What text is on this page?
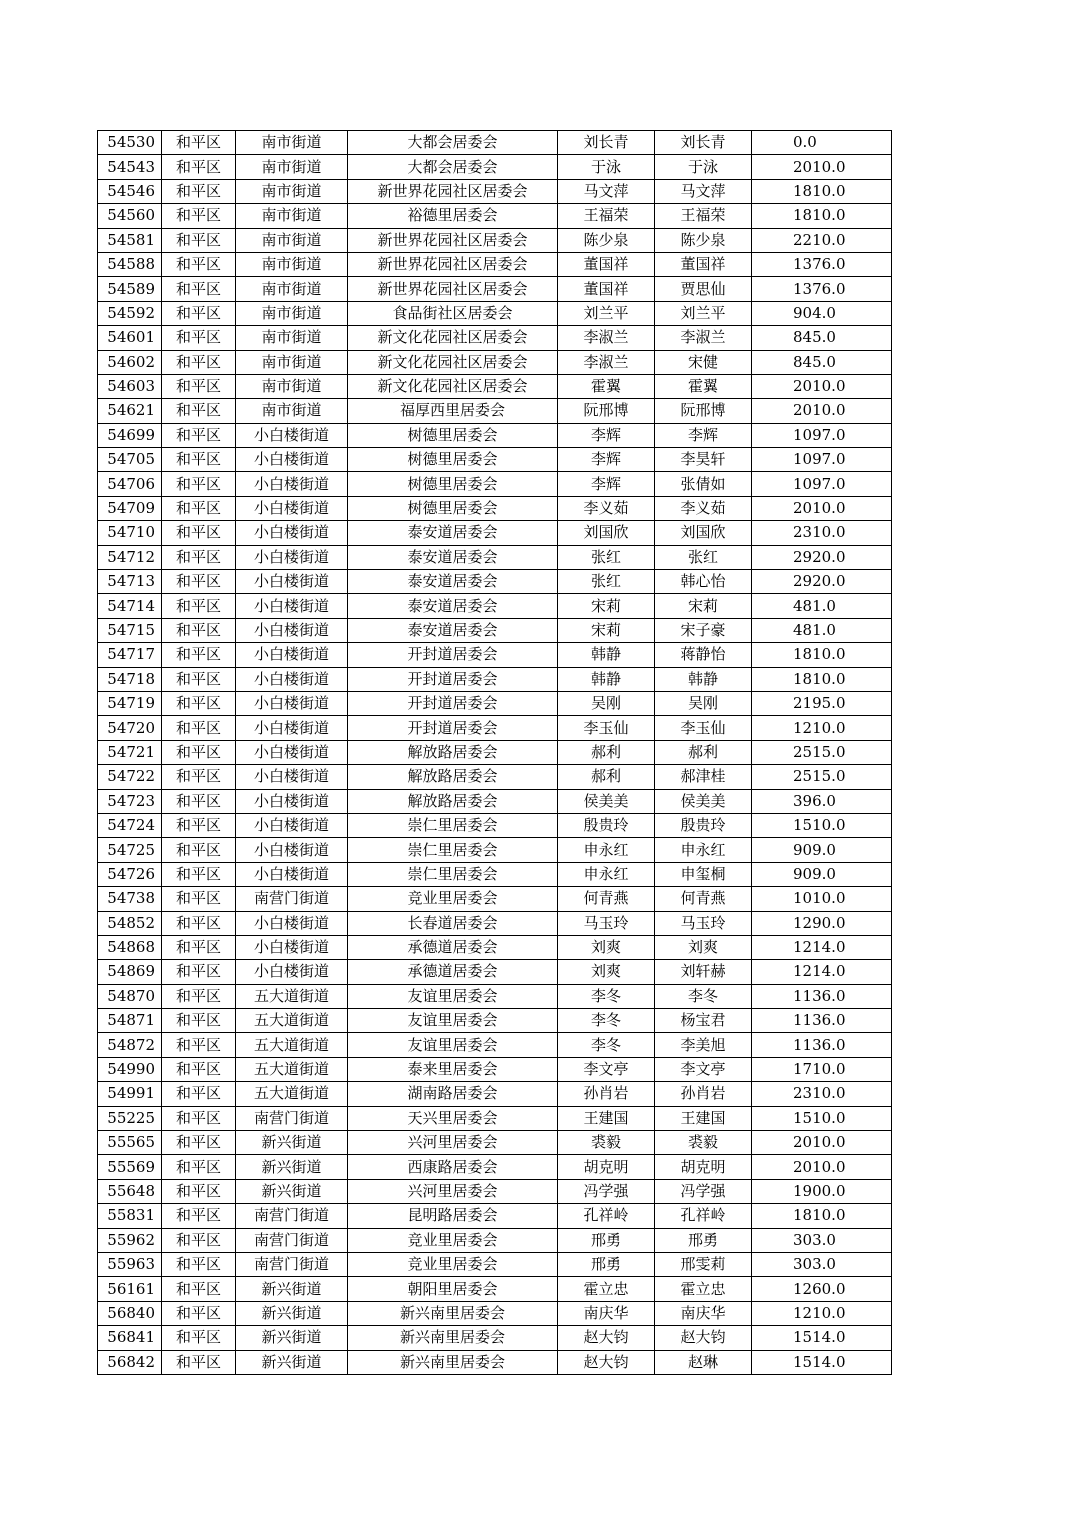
54530	和平区	南市街道	大都会居委会	刘长青	刘长青	0.0
54543	和平区	南市街道	大都会居委会	于泳	于泳	2010.0
54546	和平区	南市街道	新世界花园社区居委会	马文萍	马文萍	1810.0
54560	和平区	南市街道	裕德里居委会	王福荣	王福荣	1810.0
54581	和平区	南市街道	新世界花园社区居委会	陈少泉	陈少泉	2210.0
54588	和平区	南市街道	新世界花园社区居委会	董国祥	董国祥	1376.0
54589	和平区	南市街道	新世界花园社区居委会	董国祥	贾思仙	1376.0
54592	和平区	南市街道	食品街社区居委会	刘兰平	刘兰平	904.0
54601	和平区	南市街道	新文化花园社区居委会	李淑兰	李淑兰	845.0
54602	和平区	南市街道	新文化花园社区居委会	李淑兰	宋健	845.0
54603	和平区	南市街道	新文化花园社区居委会	霍翼	霍翼	2010.0
54621	和平区	南市街道	福厚西里居委会	阮邢博	阮邢博	2010.0
54699	和平区	小白楼街道	树德里居委会	李辉	李辉	1097.0
54705	和平区	小白楼街道	树德里居委会	李辉	李昊轩	1097.0
54706	和平区	小白楼街道	树德里居委会	李辉	张倩如	1097.0
54709	和平区	小白楼街道	树德里居委会	李义茹	李义茹	2010.0
54710	和平区	小白楼街道	泰安道居委会	刘国欣	刘国欣	2310.0
54712	和平区	小白楼街道	泰安道居委会	张红	张红	2920.0
54713	和平区	小白楼街道	泰安道居委会	张红	韩心怡	2920.0
54714	和平区	小白楼街道	泰安道居委会	宋莉	宋莉	481.0
54715	和平区	小白楼街道	泰安道居委会	宋莉	宋子豪	481.0
54717	和平区	小白楼街道	开封道居委会	韩静	蒋静怡	1810.0
54718	和平区	小白楼街道	开封道居委会	韩静	韩静	1810.0
54719	和平区	小白楼街道	开封道居委会	吴刚	吴刚	2195.0
54720	和平区	小白楼街道	开封道居委会	李玉仙	李玉仙	1210.0
54721	和平区	小白楼街道	解放路居委会	郝利	郝利	2515.0
54722	和平区	小白楼街道	解放路居委会	郝利	郝津桂	2515.0
54723	和平区	小白楼街道	解放路居委会	侯美美	侯美美	396.0
54724	和平区	小白楼街道	崇仁里居委会	殷贵玲	殷贵玲	1510.0
54725	和平区	小白楼街道	崇仁里居委会	申永红	申永红	909.0
54726	和平区	小白楼街道	崇仁里居委会	申永红	申玺桐	909.0
54738	和平区	南营门街道	竞业里居委会	何青燕	何青燕	1010.0
54852	和平区	小白楼街道	长春道居委会	马玉玲	马玉玲	1290.0
54868	和平区	小白楼街道	承德道居委会	刘爽	刘爽	1214.0
54869	和平区	小白楼街道	承德道居委会	刘爽	刘轩赫	1214.0
54870	和平区	五大道街道	友谊里居委会	李冬	李冬	1136.0
54871	和平区	五大道街道	友谊里居委会	李冬	杨宝君	1136.0
54872	和平区	五大道街道	友谊里居委会	李冬	李美旭	1136.0
54990	和平区	五大道街道	泰来里居委会	李文亭	李文亭	1710.0
54991	和平区	五大道街道	湖南路居委会	孙肖岩	孙肖岩	2310.0
55225	和平区	南营门街道	天兴里居委会	王建国	王建国	1510.0
55565	和平区	新兴街道	兴河里居委会	裘毅	裘毅	2010.0
55569	和平区	新兴街道	西康路居委会	胡克明	胡克明	2010.0
55648	和平区	新兴街道	兴河里居委会	冯学强	冯学强	1900.0
55831	和平区	南营门街道	昆明路居委会	孔祥岭	孔祥岭	1810.0
55962	和平区	南营门街道	竞业里居委会	邢勇	邢勇	303.0
55963	和平区	南营门街道	竞业里居委会	邢勇	邢雯莉	303.0
56161	和平区	新兴街道	朝阳里居委会	霍立忠	霍立忠	1260.0
56840	和平区	新兴街道	新兴南里居委会	南庆华	南庆华	1210.0
56841	和平区	新兴街道	新兴南里居委会	赵大钧	赵大钧	1514.0
56842	和平区	新兴街道	新兴南里居委会	赵大钧	赵琳	1514.0
